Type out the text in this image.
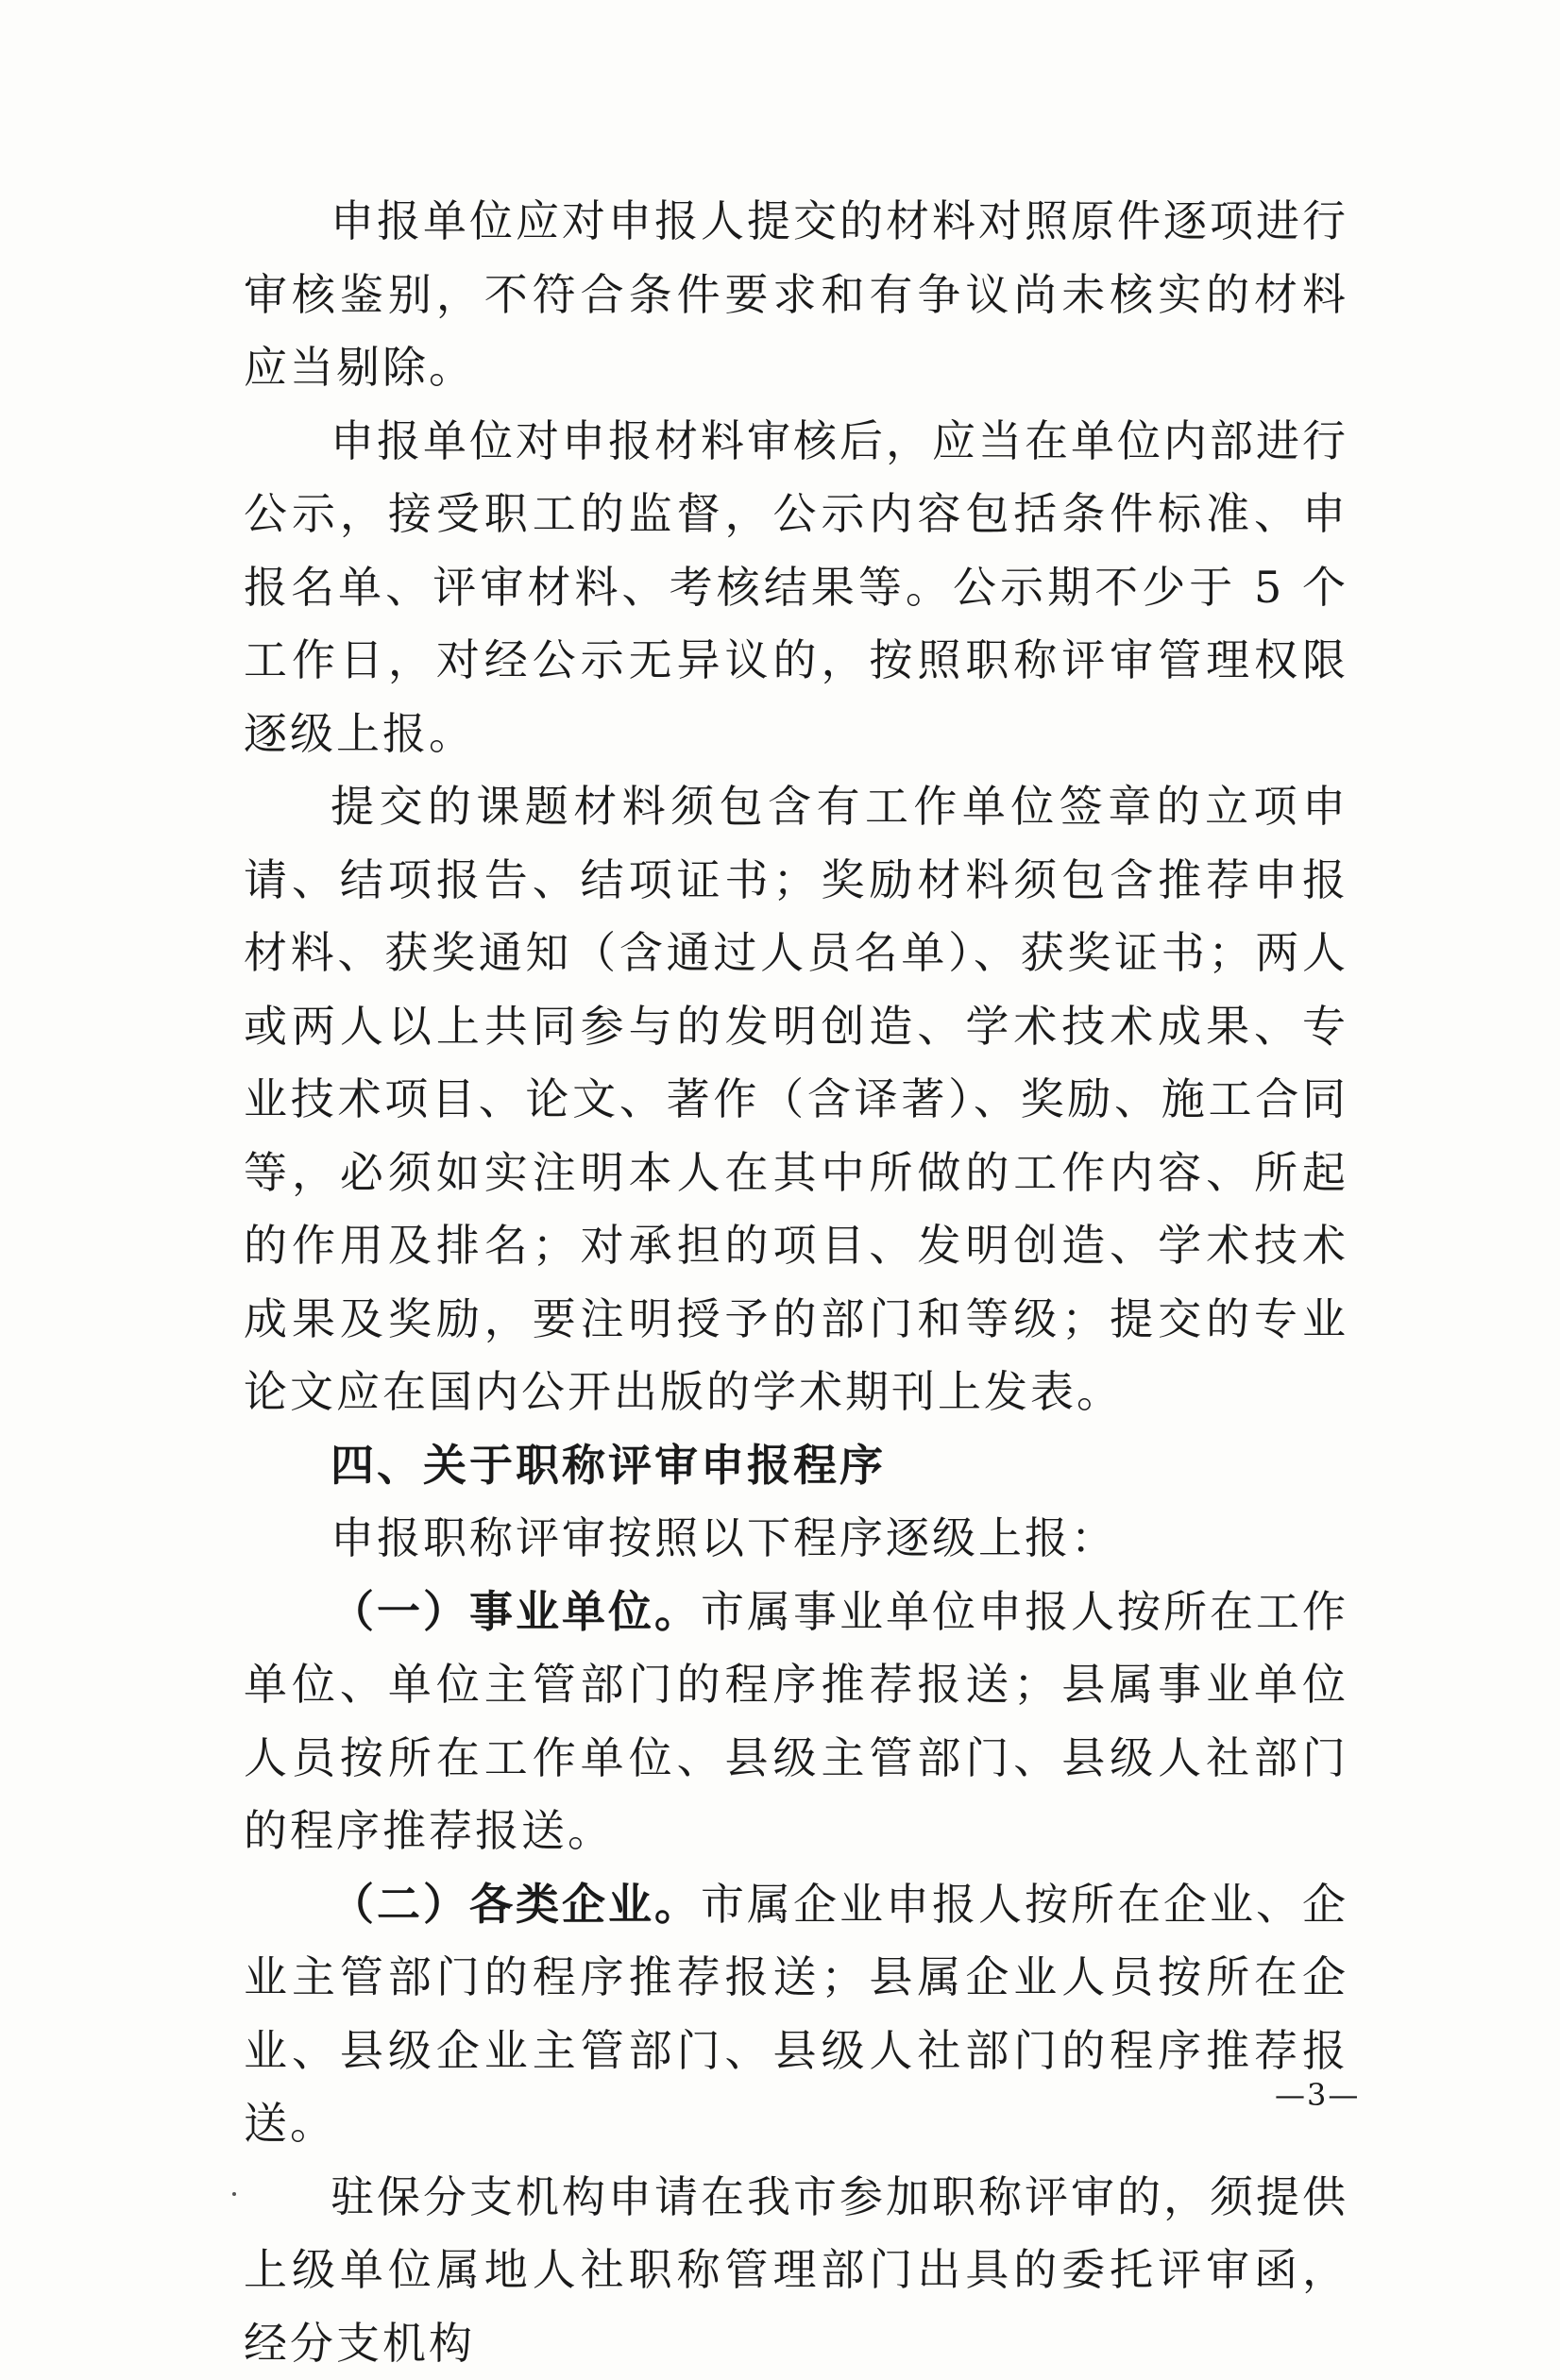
申报单位应对申报人提交的材料对照原件逐项进行审核鉴别，不符合条件要求和有争议尚未核实的材料应当剔除。

申报单位对申报材料审核后，应当在单位内部进行公示，接受职工的监督，公示内容包括条件标准、申报名单、评审材料、考核结果等。公示期不少于 5 个工作日，对经公示无异议的，按照职称评审管理权限逐级上报。

提交的课题材料须包含有工作单位签章的立项申请、结项报告、结项证书；奖励材料须包含推荐申报材料、获奖通知（含通过人员名单）、获奖证书；两人或两人以上共同参与的发明创造、学术技术成果、专业技术项目、论文、著作（含译著）、奖励、施工合同等，必须如实注明本人在其中所做的工作内容、所起的作用及排名；对承担的项目、发明创造、学术技术成果及奖励，要注明授予的部门和等级；提交的专业论文应在国内公开出版的学术期刊上发表。

四、关于职称评审申报程序

申报职称评审按照以下程序逐级上报：

（一）事业单位。市属事业单位申报人按所在工作单位、单位主管部门的程序推荐报送；县属事业单位人员按所在工作单位、县级主管部门、县级人社部门的程序推荐报送。

（二）各类企业。市属企业申报人按所在企业、企业主管部门的程序推荐报送；县属企业人员按所在企业、县级企业主管部门、县级人社部门的程序推荐报送。

驻保分支机构申请在我市参加职称评审的，须提供上级单位属地人社职称管理部门出具的委托评审函，经分支机构

—3—
